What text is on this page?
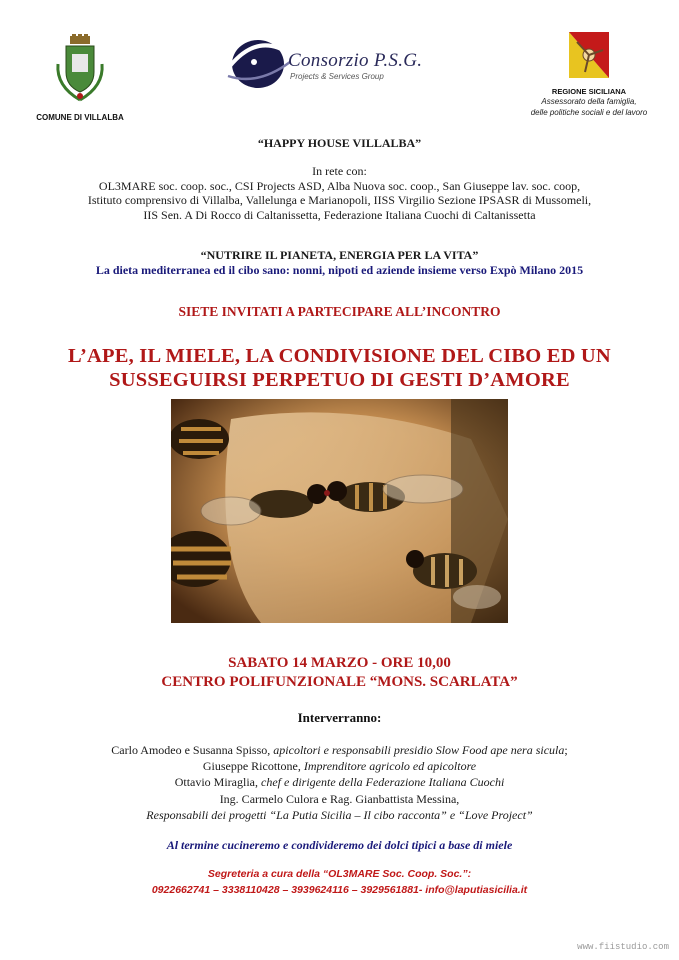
COMUNE DI VILLALBA
Consorzio P.S.G.
Projects & Services Group
REGIONE SICILIANA
Assessorato della famiglia,
delle politiche sociali e del lavoro
“HAPPY HOUSE VILLALBA”
In rete con:
OL3MARE soc. coop. soc., CSI Projects ASD, Alba Nuova soc. coop., San Giuseppe lav. soc. coop,
Istituto comprensivo di Villalba, Vallelunga e Marianopoli, IISS Virgilio Sezione IPSASR di Mussomeli,
IIS Sen. A Di Rocco di Caltanissetta, Federazione Italiana Cuochi di Caltanissetta
“NUTRIRE IL PIANETA, ENERGIA PER LA VITA”
La dieta mediterranea ed il cibo sano: nonni, nipoti ed aziende insieme verso Expò Milano 2015
SIETE INVITATI A PARTECIPARE ALL’INCONTRO
L’APE, IL MIELE, LA CONDIVISIONE DEL CIBO ED UN
SUSSEGUIRSI PERPETUO DI GESTI D’AMORE
SABATO 14 MARZO - ORE 10,00
CENTRO POLIFUNZIONALE “MONS. SCARLATA”
Interverranno:
Carlo Amodeo e Susanna Spisso, apicoltori e responsabili presidio Slow Food ape nera sicula;
Giuseppe Ricottone, Imprenditore agricolo ed apicoltore
Ottavio Miraglia, chef e dirigente della Federazione Italiana Cuochi
Ing. Carmelo Culora e Rag. Gianbattista Messina,
Responsabili dei progetti “La Putia Sicilia – Il cibo racconta” e “Love Project”
Al termine cucineremo e condivideremo dei dolci tipici a base di miele
Segreteria a cura della “OL3MARE Soc. Coop. Soc.”:
0922662741 – 3338110428 – 3939624116 – 3929561881- info@laputiasicilia.it
www.fiistudio.com
